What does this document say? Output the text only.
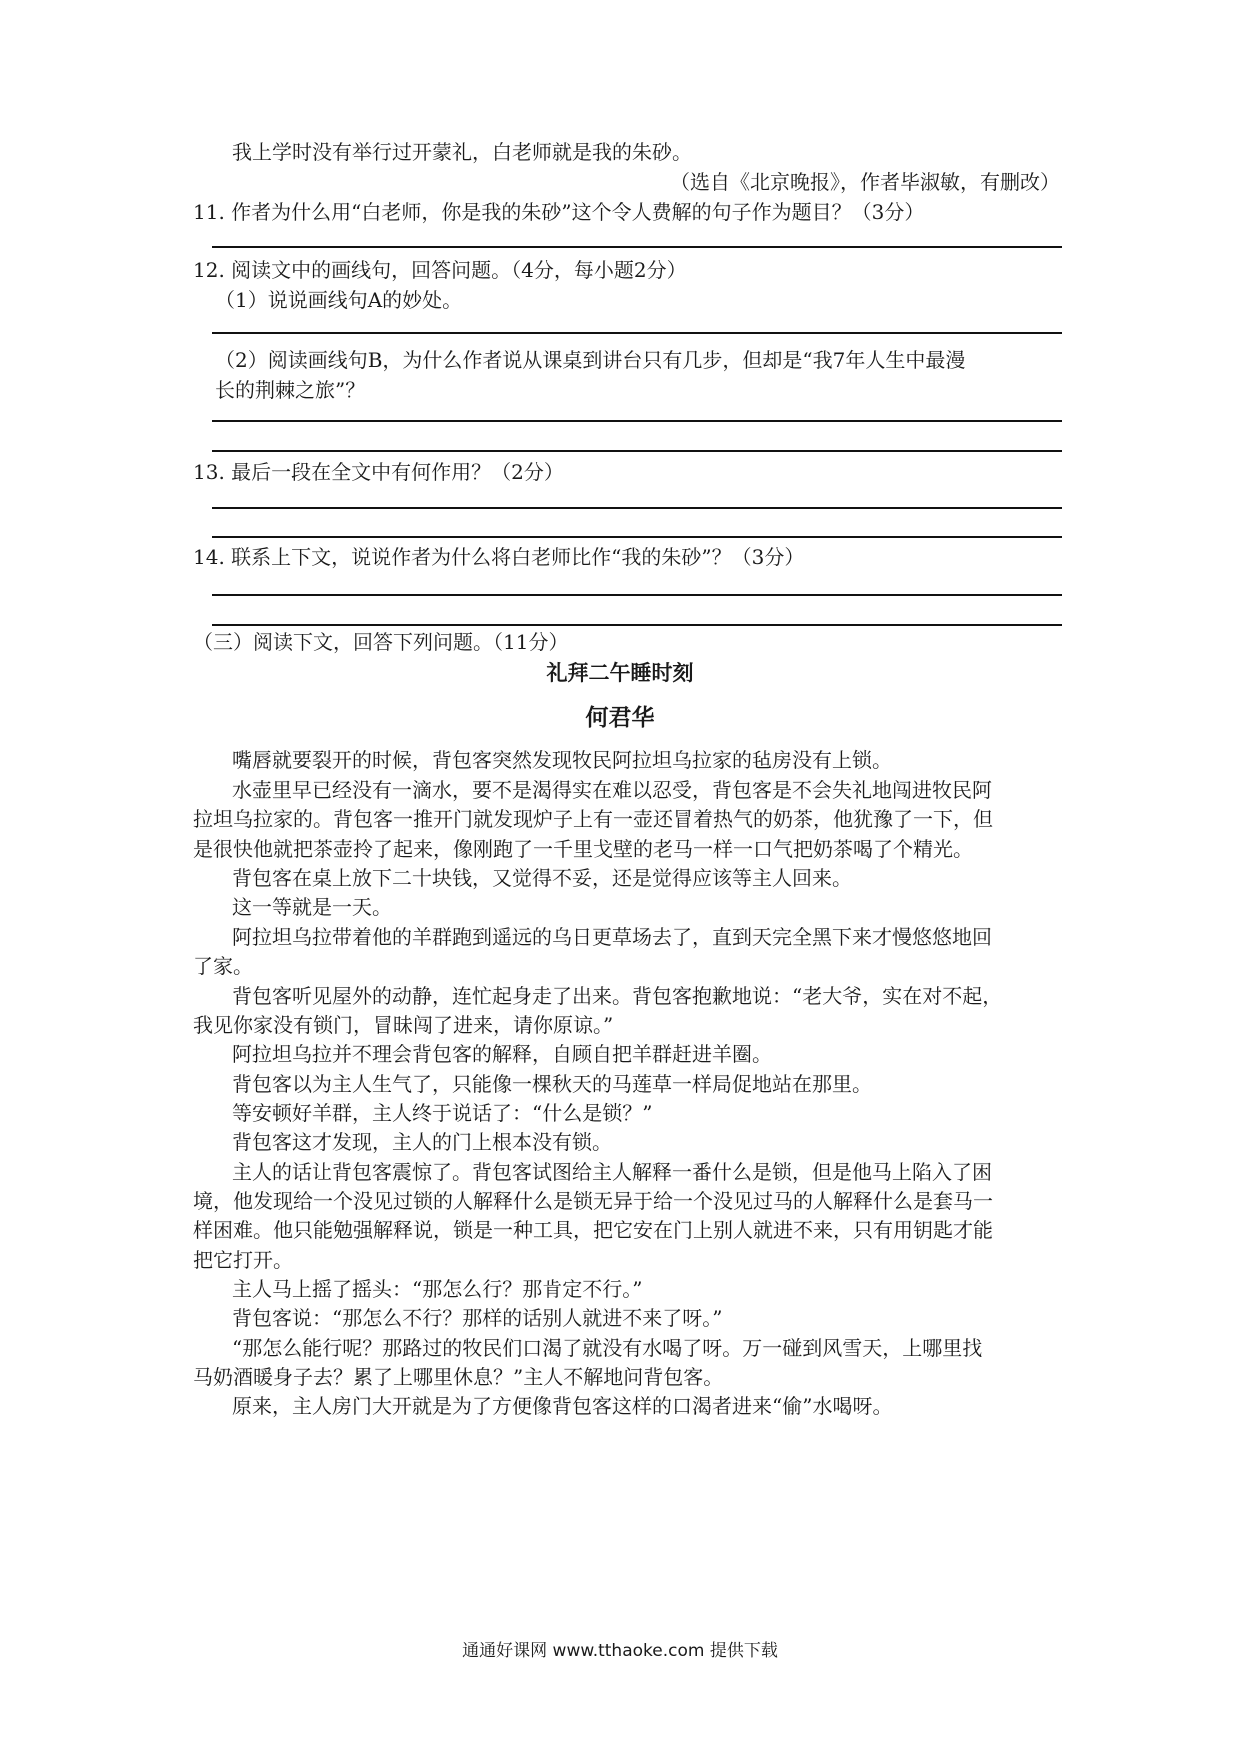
我上学时没有举行过开蒙礼，白老师就是我的朱砂。
（选自《北京晚报》，作者毕淑敏，有删改）
11. 作者为什么用“白老师，你是我的朱砂”这个令人费解的句子作为题目？（3分）
12. 阅读文中的画线句，回答问题。（4分，每小题2分）
（1）说说画线句A的妙处。
（2）阅读画线句B，为什么作者说从课桌到讲台只有几步，但却是“我7年人生中最漫
长的荆棘之旅”？
13. 最后一段在全文中有何作用？（2分）
14. 联系上下文，说说作者为什么将白老师比作“我的朱砂”？（3分）
（三）阅读下文，回答下列问题。（11分）
礼拜二午睡时刻
何君华
嘴唇就要裂开的时候，背包客突然发现牧民阿拉坦乌拉家的毡房没有上锁。
水壶里早已经没有一滴水，要不是渴得实在难以忍受，背包客是不会失礼地闯进牧民阿
拉坦乌拉家的。背包客一推开门就发现炉子上有一壶还冒着热气的奶茶，他犹豫了一下，但
是很快他就把茶壶拎了起来，像刚跑了一千里戈壁的老马一样一口气把奶茶喝了个精光。
背包客在桌上放下二十块钱，又觉得不妥，还是觉得应该等主人回来。
这一等就是一天。
阿拉坦乌拉带着他的羊群跑到遥远的乌日更草场去了，直到天完全黑下来才慢悠悠地回
了家。
背包客听见屋外的动静，连忙起身走了出来。背包客抱歉地说：“老大爷，实在对不起，
我见你家没有锁门，冒昧闯了进来，请你原谅。”
阿拉坦乌拉并不理会背包客的解释，自顾自把羊群赶进羊圈。
背包客以为主人生气了，只能像一棵秋天的马莲草一样局促地站在那里。
等安顿好羊群，主人终于说话了：“什么是锁？”
背包客这才发现，主人的门上根本没有锁。
主人的话让背包客震惊了。背包客试图给主人解释一番什么是锁，但是他马上陷入了困
境，他发现给一个没见过锁的人解释什么是锁无异于给一个没见过马的人解释什么是套马一
样困难。他只能勉强解释说，锁是一种工具，把它安在门上别人就进不来，只有用钥匙才能
把它打开。
主人马上摇了摇头：“那怎么行？那肯定不行。”
背包客说：“那怎么不行？那样的话别人就进不来了呀。”
“那怎么能行呢？那路过的牧民们口渴了就没有水喝了呀。万一碰到风雪天，上哪里找
马奶酒暖身子去？累了上哪里休息？”主人不解地问背包客。
原来，主人房门大开就是为了方便像背包客这样的口渴者进来“偷”水喝呀。
通通好课网 www.tthaoke.com 提供下载
